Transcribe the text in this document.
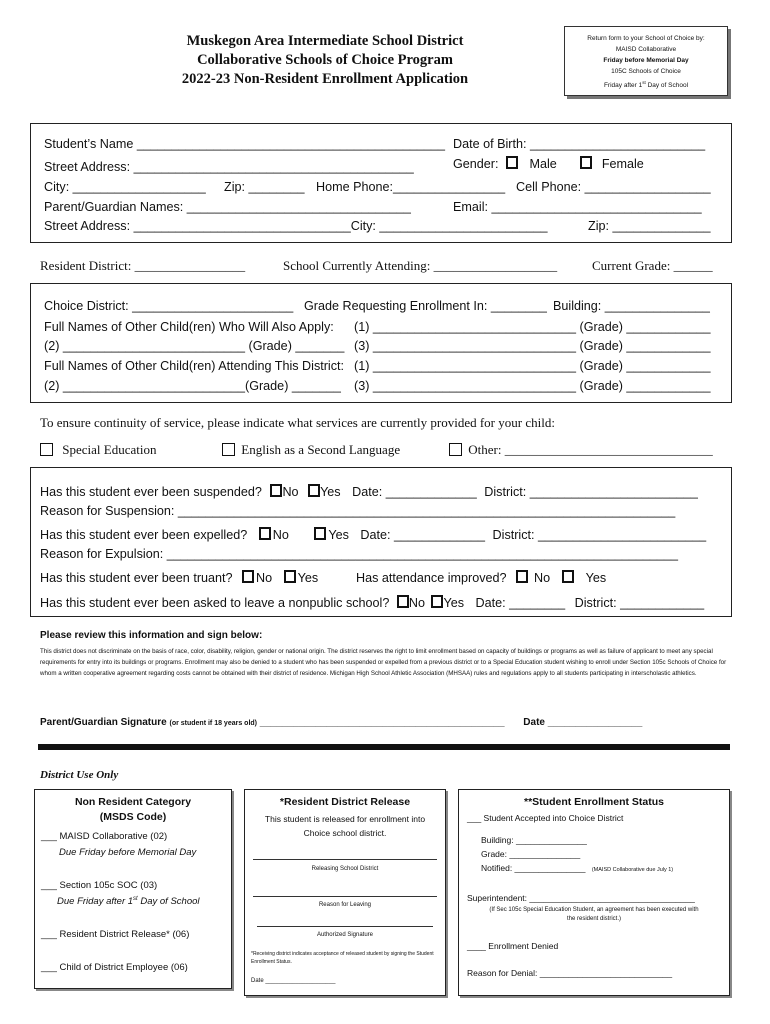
Muskegon Area Intermediate School District
Collaborative Schools of Choice Program
2022-23 Non-Resident Enrollment Application
Return form to your School of Choice by:
MAISD Collaborative
Friday before Memorial Day
105C Schools of Choice
Friday after 1st Day of School
Student’s Name ____________________________________________ Date of Birth: _________________________
Street Address: ________________________________________	Gender: Male	Female
City: ___________________ Zip: ________ Home Phone:________________ Cell Phone: __________________
Parent/Guardian Names: ________________________________	Email: ______________________________
Street Address: _______________________________City: ________________________	Zip: ______________
Resident District: _________________	School Currently Attending: ___________________	Current Grade: ______
Choice District: _______________________ Grade Requesting Enrollment In: ________ Building: _______________
Full Names of Other Child(ren) Who Will Also Apply: (1) _____________________________ (Grade) ____________
(2) __________________________ (Grade) _______ (3) _____________________________ (Grade) ____________
Full Names of Other Child(ren) Attending This District: (1) _____________________________ (Grade) ____________
(2) __________________________(Grade) _______ (3) _____________________________ (Grade) ____________
To ensure continuity of service, please indicate what services are currently provided for your child:
Special Education	English as a Second Language	Other: ________________________________
Has this student ever been suspended? No Yes Date: _____________ District: ________________________
Reason for Suspension: _______________________________________________________________________
Has this student ever been expelled? No	Yes Date: _____________ District: ________________________
Reason for Expulsion: _________________________________________________________________________
Has this student ever been truant? No Yes	Has attendance improved? No	Yes
Has this student ever been asked to leave a nonpublic school? No Yes Date: ________ District: ____________
Please review this information and sign below:
This district does not discriminate on the basis of race, color, disability, religion, gender or national origin. The district reserves the right to limit enrollment based on capacity of buildings or programs as well as failure of applicant to meet any special requirements for entry into its buildings or programs. Enrollment may also be denied to a student who has been suspended or expelled from a previous district or to a Special Education student wishing to enroll under Section 105c Schools of Choice for whom a written cooperative agreement regarding costs cannot be obtained with their district of residence. Michigan High School Athletic Association (MHSAA) rules and regulations apply to all students participating in interscholastic athletics.
Parent/Guardian Signature (or student if 18 years old) ____________________________________________ Date _________________
District Use Only
Non Resident Category
(MSDS Code)
___ MAISD Collaborative (02)
Due Friday before Memorial Day
___ Section 105c SOC (03)
Due Friday after 1st Day of School
___ Resident District Release* (06)
___ Child of District Employee (06)
*Resident District Release
This student is released for enrollment into Choice school district.
Releasing School District
Reason for Leaving
Authorized Signature
*Receiving district indicates acceptance of released student by signing the Student Enrollment Status.
Date _____________________
**Student Enrollment Status
___ Student Accepted into Choice District
Building: _______________
Grade: _______________
Notified: _______________ (MAISD Collaborative due July 1)
Superintendent: ___________________________________
(If Sec 105c Special Education Student, an agreement has been executed with the resident district.)
____ Enrollment Denied
Reason for Denial: ____________________________
